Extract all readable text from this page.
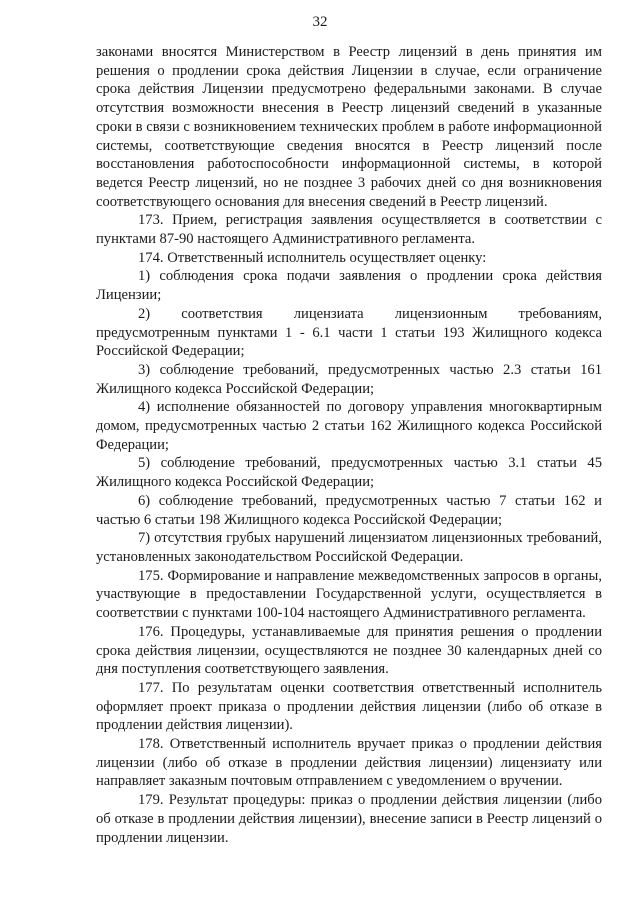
32

законами вносятся Министерством в Реестр лицензий в день принятия им решения о продлении срока действия Лицензии в случае, если ограничение срока действия Лицензии предусмотрено федеральными законами. В случае отсутствия возможности внесения в Реестр лицензий сведений в указанные сроки в связи с возникновением технических проблем в работе информационной системы, соответствующие сведения вносятся в Реестр лицензий после восстановления работоспособности информационной системы, в которой ведется Реестр лицензий, но не позднее 3 рабочих дней со дня возникновения соответствующего основания для внесения сведений в Реестр лицензий.

173. Прием, регистрация заявления осуществляется в соответствии с пунктами 87-90 настоящего Административного регламента.

174. Ответственный исполнитель осуществляет оценку:

1) соблюдения срока подачи заявления о продлении срока действия Лицензии;

2) соответствия лицензиата лицензионным требованиям, предусмотренным пунктами 1 - 6.1 части 1 статьи 193 Жилищного кодекса Российской Федерации;

3) соблюдение требований, предусмотренных частью 2.3 статьи 161 Жилищного кодекса Российской Федерации;

4) исполнение обязанностей по договору управления многоквартирным домом, предусмотренных частью 2 статьи 162 Жилищного кодекса Российской Федерации;

5) соблюдение требований, предусмотренных частью 3.1 статьи 45 Жилищного кодекса Российской Федерации;

6) соблюдение требований, предусмотренных частью 7 статьи 162 и частью 6 статьи 198 Жилищного кодекса Российской Федерации;

7) отсутствия грубых нарушений лицензиатом лицензионных требований, установленных законодательством Российской Федерации.

175. Формирование и направление межведомственных запросов в органы, участвующие в предоставлении Государственной услуги, осуществляется в соответствии с пунктами 100-104 настоящего Административного регламента.

176. Процедуры, устанавливаемые для принятия решения о продлении срока действия лицензии, осуществляются не позднее 30 календарных дней со дня поступления соответствующего заявления.

177. По результатам оценки соответствия ответственный исполнитель оформляет проект приказа о продлении действия лицензии (либо об отказе в продлении действия лицензии).

178. Ответственный исполнитель вручает приказ о продлении действия лицензии (либо об отказе в продлении действия лицензии) лицензиату или направляет заказным почтовым отправлением с уведомлением о вручении.

179. Результат процедуры: приказ о продлении действия лицензии (либо об отказе в продлении действия лицензии), внесение записи в Реестр лицензий о продлении лицензии.
